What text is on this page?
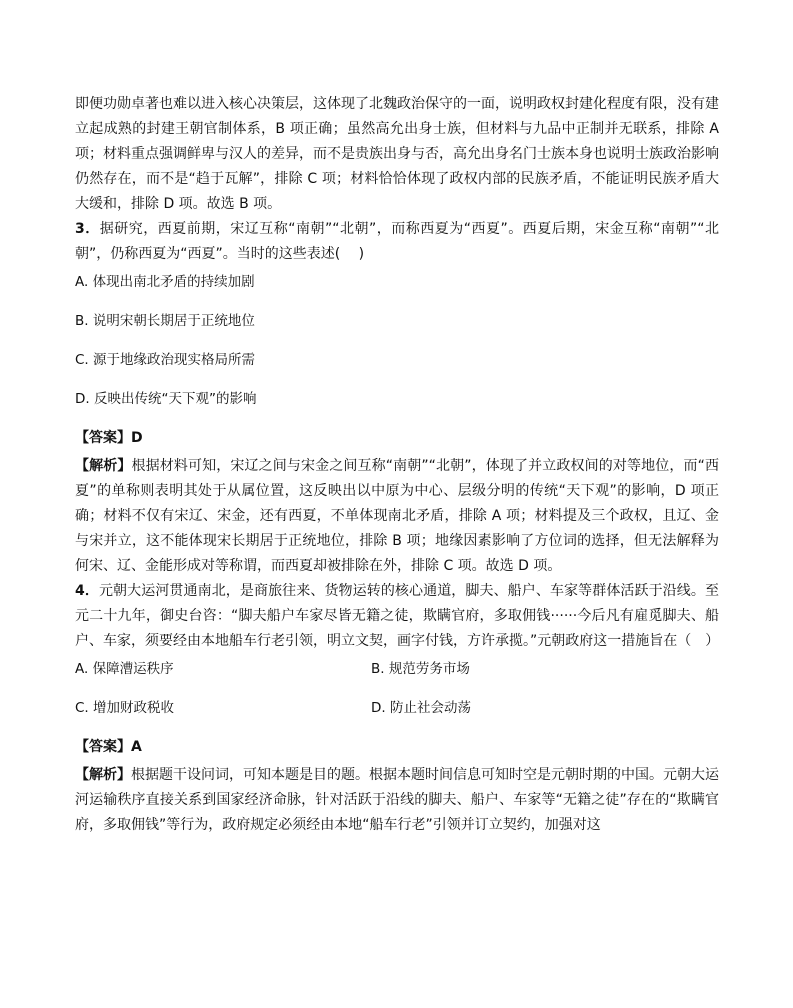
即便功勋卓著也难以进入核心决策层，这体现了北魏政治保守的一面，说明政权封建化程度有限，没有建立起成熟的封建王朝官制体系，B 项正确；虽然高允出身士族，但材料与九品中正制并无联系，排除 A 项；材料重点强调鲜卑与汉人的差异，而不是贵族出身与否，高允出身名门士族本身也说明士族政治影响仍然存在，而不是“趋于瓦解”，排除 C 项；材料恰恰体现了政权内部的民族矛盾，不能证明民族矛盾大大缓和，排除 D 项。故选 B 项。

3．据研究，西夏前期，宋辽互称“南朝”“北朝”，而称西夏为“西夏”。西夏后期，宋金互称“南朝”“北朝”，仍称西夏为“西夏”。当时的这些表述(　 )

A. 体现出南北矛盾的持续加剧

B. 说明宋朝长期居于正统地位

C. 源于地缘政治现实格局所需

D. 反映出传统“天下观”的影响

【答案】D

【解析】根据材料可知，宋辽之间与宋金之间互称“南朝”“北朝”，体现了并立政权间的对等地位，而“西夏”的单称则表明其处于从属位置，这反映出以中原为中心、层级分明的传统“天下观”的影响，D 项正确；材料不仅有宋辽、宋金，还有西夏，不单体现南北矛盾，排除 A 项；材料提及三个政权，且辽、金与宋并立，这不能体现宋长期居于正统地位，排除 B 项；地缘因素影响了方位词的选择，但无法解释为何宋、辽、金能形成对等称谓，而西夏却被排除在外，排除 C 项。故选 D 项。

4．元朝大运河贯通南北，是商旅往来、货物运转的核心通道，脚夫、船户、车家等群体活跃于沿线。至元二十九年，御史台咨：“脚夫船户车家尽皆无籍之徒，欺瞒官府，多取佣钱······今后凡有雇觅脚夫、船户、车家，须要经由本地船车行老引领，明立文契，画字付钱，方许承揽。”元朝政府这一措施旨在（　）

A. 保障漕运秩序	B. 规范劳务市场

C. 增加财政税收	D. 防止社会动荡

【答案】A

【解析】根据题干设问词，可知本题是目的题。根据本题时间信息可知时空是元朝时期的中国。元朝大运河运输秩序直接关系到国家经济命脉，针对活跃于沿线的脚夫、船户、车家等“无籍之徒”存在的“欺瞒官府，多取佣钱”等行为，政府规定必须经由本地“船车行老”引领并订立契约，加强对这
